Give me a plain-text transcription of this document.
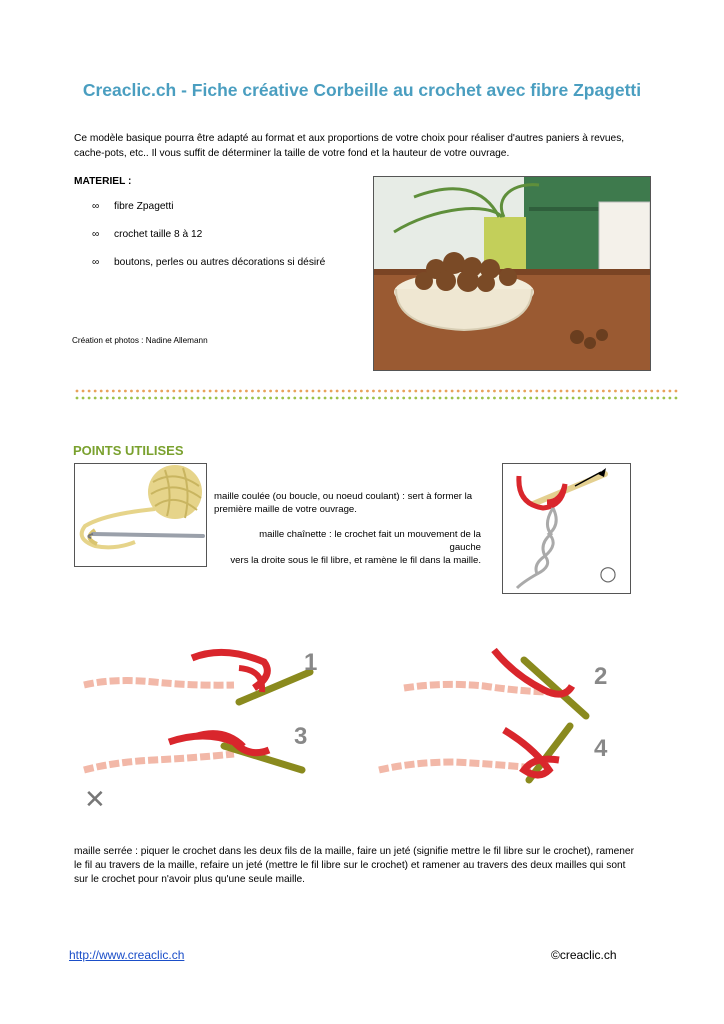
Creaclic.ch - Fiche créative Corbeille au crochet avec fibre Zpagetti
Ce modèle basique pourra être adapté au format et aux proportions de votre choix pour réaliser d'autres paniers à revues, cache-pots, etc.. Il vous suffit de déterminer la taille de votre fond et la hauteur de votre ouvrage.
MATERIEL :
∞ fibre Zpagetti
∞ crochet taille 8 à 12
∞ boutons, perles ou autres décorations si désiré
Création et photos : Nadine Allemann
POINTS UTILISES
maille coulée (ou boucle, ou noeud coulant) : sert à former la première maille de votre ouvrage.
maille chaînette : le crochet fait un mouvement de la gauche
vers la droite sous le fil libre, et ramène le fil dans la maille.
○
1
2
3
✕
4
maille serrée : piquer le crochet dans les deux fils de la maille, faire un jeté (signifie mettre le fil libre sur le crochet), ramener le fil au travers de la maille, refaire un jeté (mettre le fil libre sur le crochet) et ramener au travers des deux mailles qui sont sur le crochet pour n'avoir plus qu'une seule maille.
http://www.creaclic.ch	©creaclic.ch
